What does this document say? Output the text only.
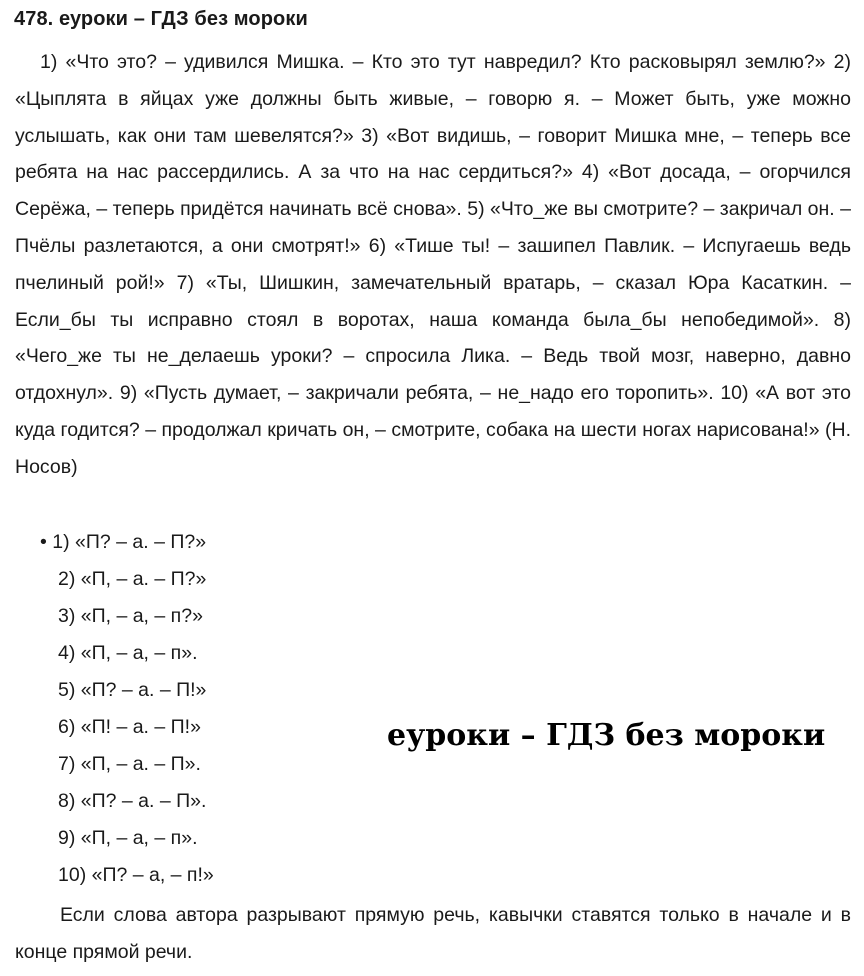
478. еуроки – ГДЗ без мороки
1) «Что это? – удивился Мишка. – Кто это тут навредил? Кто расковырял землю?» 2) «Цыплята в яйцах уже должны быть живые, – говорю я. – Может быть, уже можно услышать, как они там шевелятся?» 3) «Вот видишь, – говорит Мишка мне, – теперь все ребята на нас рассердились. А за что на нас сердиться?» 4) «Вот досада, – огорчился Серёжа, – теперь придётся начинать всё снова». 5) «Что_же вы смотрите? – закричал он. – Пчёлы разлетаются, а они смотрят!» 6) «Тише ты! – зашипел Павлик. – Испугаешь ведь пчелиный рой!» 7) «Ты, Шишкин, замечательный вратарь, – сказал Юра Касаткин. – Если_бы ты исправно стоял в воротах, наша команда была_бы непобедимой». 8) «Чего_же ты не_делаешь уроки? – спросила Лика. – Ведь твой мозг, наверно, давно отдохнул». 9) «Пусть думает, – закричали ребята, – не_надо его торопить». 10) «А вот это куда годится? – продолжал кричать он, – смотрите, собака на шести ногах нарисована!» (Н. Носов)
• 1) «П? – а. – П?»
2) «П, – а. – П?»
3) «П, – а, – п?»
4) «П, – а, – п».
5) «П? – а. – П!»
6) «П! – а. – П!»
7) «П, – а. – П».
8) «П? – а. – П».
9) «П, – а, – п».
10) «П? – а, – п!»
еуроки – ГДЗ без мороки
Если слова автора разрывают прямую речь, кавычки ставятся только в начале и в конце прямой речи.
